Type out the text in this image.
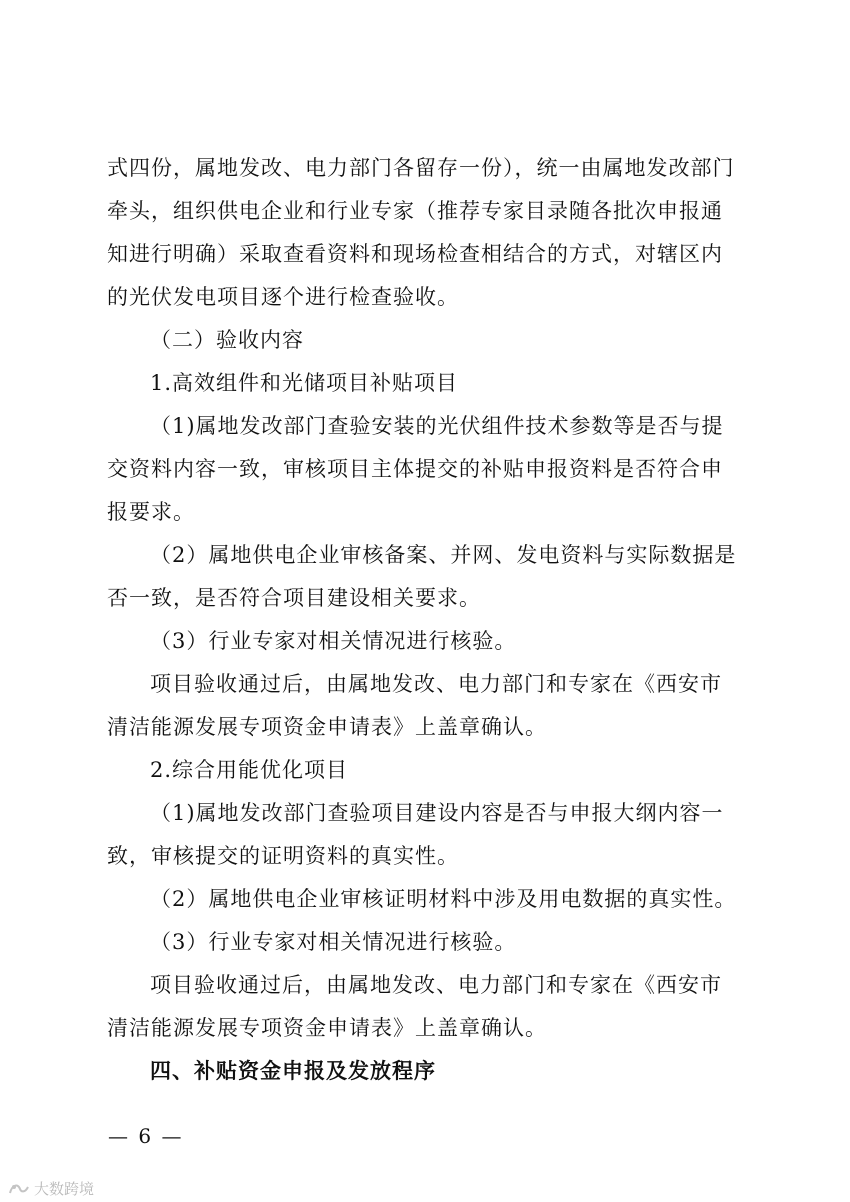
式四份，属地发改、电力部门各留存一份），统一由属地发改部门
牵头，组织供电企业和行业专家（推荐专家目录随各批次申报通
知进行明确）采取查看资料和现场检查相结合的方式，对辖区内
的光伏发电项目逐个进行检查验收。
（二）验收内容
1.高效组件和光储项目补贴项目
（1)属地发改部门查验安装的光伏组件技术参数等是否与提
交资料内容一致，审核项目主体提交的补贴申报资料是否符合申
报要求。
（2）属地供电企业审核备案、并网、发电资料与实际数据是
否一致，是否符合项目建设相关要求。
（3）行业专家对相关情况进行核验。
项目验收通过后，由属地发改、电力部门和专家在《西安市
清洁能源发展专项资金申请表》上盖章确认。
2.综合用能优化项目
（1)属地发改部门查验项目建设内容是否与申报大纲内容一
致，审核提交的证明资料的真实性。
（2）属地供电企业审核证明材料中涉及用电数据的真实性。
（3）行业专家对相关情况进行核验。
项目验收通过后，由属地发改、电力部门和专家在《西安市
清洁能源发展专项资金申请表》上盖章确认。
四、补贴资金申报及发放程序
— 6 —
大数跨境
